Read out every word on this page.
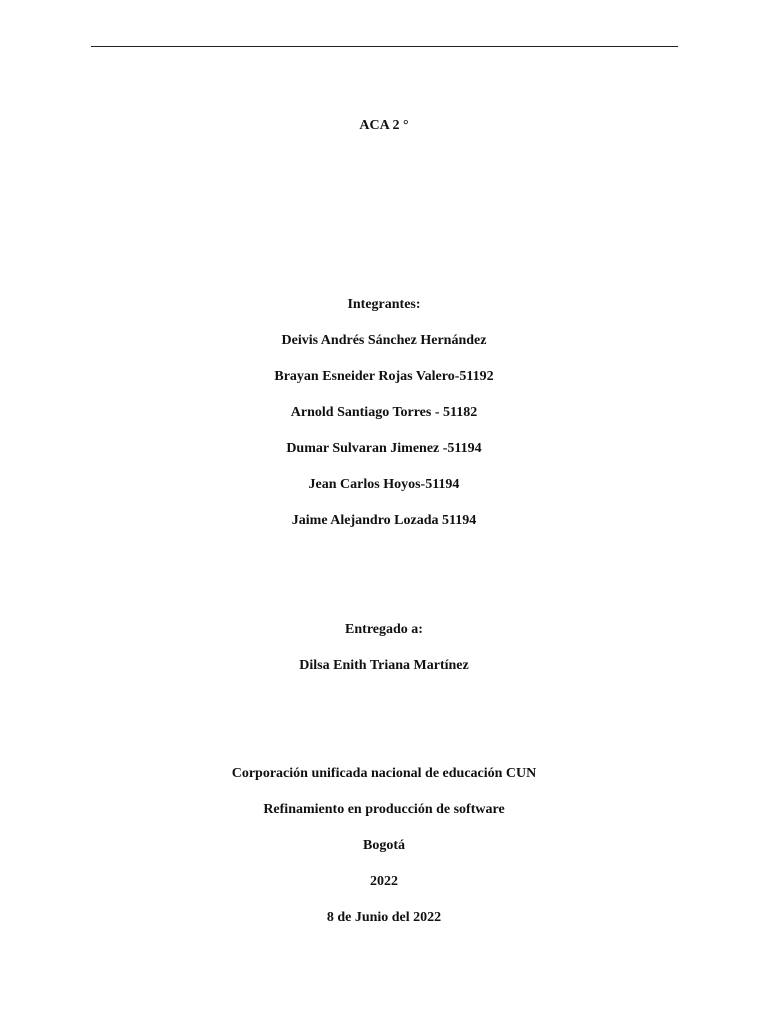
ACA 2 °
Integrantes:
Deivis Andrés Sánchez Hernández
Brayan Esneider Rojas Valero-51192
Arnold Santiago Torres - 51182
Dumar Sulvaran Jimenez -51194
Jean Carlos Hoyos-51194
Jaime Alejandro Lozada 51194
Entregado a:
Dilsa Enith Triana Martínez
Corporación unificada nacional de educación CUN
Refinamiento en producción de software
Bogotá
2022
8 de Junio del 2022
